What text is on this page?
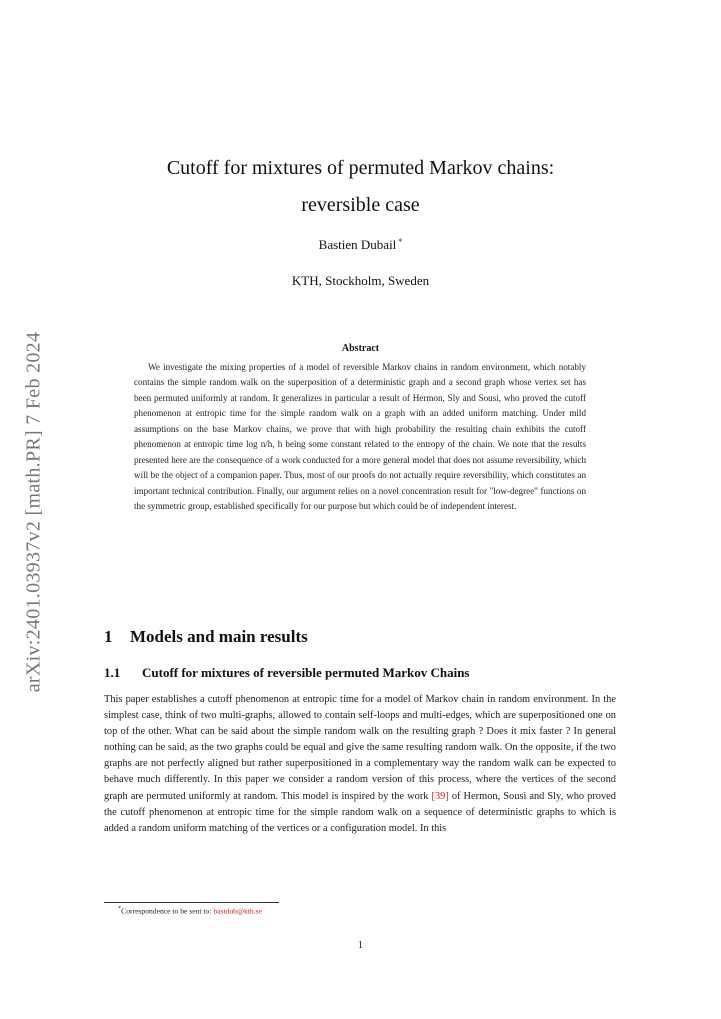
arXiv:2401.03937v2 [math.PR] 7 Feb 2024
Cutoff for mixtures of permuted Markov chains:
reversible case
Bastien Dubail *
KTH, Stockholm, Sweden
Abstract

We investigate the mixing properties of a model of reversible Markov chains in random environment, which notably contains the simple random walk on the superposition of a deterministic graph and a second graph whose vertex set has been permuted uniformly at random. It generalizes in particular a result of Hermon, Sly and Sousi, who proved the cutoff phenomenon at entropic time for the simple random walk on a graph with an added uniform matching. Under mild assumptions on the base Markov chains, we prove that with high probability the resulting chain exhibits the cutoff phenomenon at entropic time log n/h, h being some constant related to the entropy of the chain. We note that the results presented here are the consequence of a work conducted for a more general model that does not assume reversibility, which will be the object of a companion paper. Thus, most of our proofs do not actually require reversibility, which constitutes an important technical contribution. Finally, our argument relies on a novel concentration result for "low-degree" functions on the symmetric group, established specifically for our purpose but which could be of independent interest.

1 Models and main results
1.1 Cutoff for mixtures of reversible permuted Markov Chains

This paper establishes a cutoff phenomenon at entropic time for a model of Markov chain in random environment. In the simplest case, think of two multi-graphs, allowed to contain self-loops and multi-edges, which are superpositioned one on top of the other. What can be said about the simple random walk on the resulting graph ? Does it mix faster ? In general nothing can be said, as the two graphs could be equal and give the same resulting random walk. On the opposite, if the two graphs are not perfectly aligned but rather superpositioned in a complementary way the random walk can be expected to behave much differently. In this paper we consider a random version of this process, where the vertices of the second graph are permuted uniformly at random. This model is inspired by the work [39] of Hermon, Sousi and Sly, who proved the cutoff phenomenon at entropic time for the simple random walk on a sequence of deterministic graphs to which is added a random uniform matching of the vertices or a configuration model. In this

*Correspondence to be sent to: bastdub@kth.se
1
